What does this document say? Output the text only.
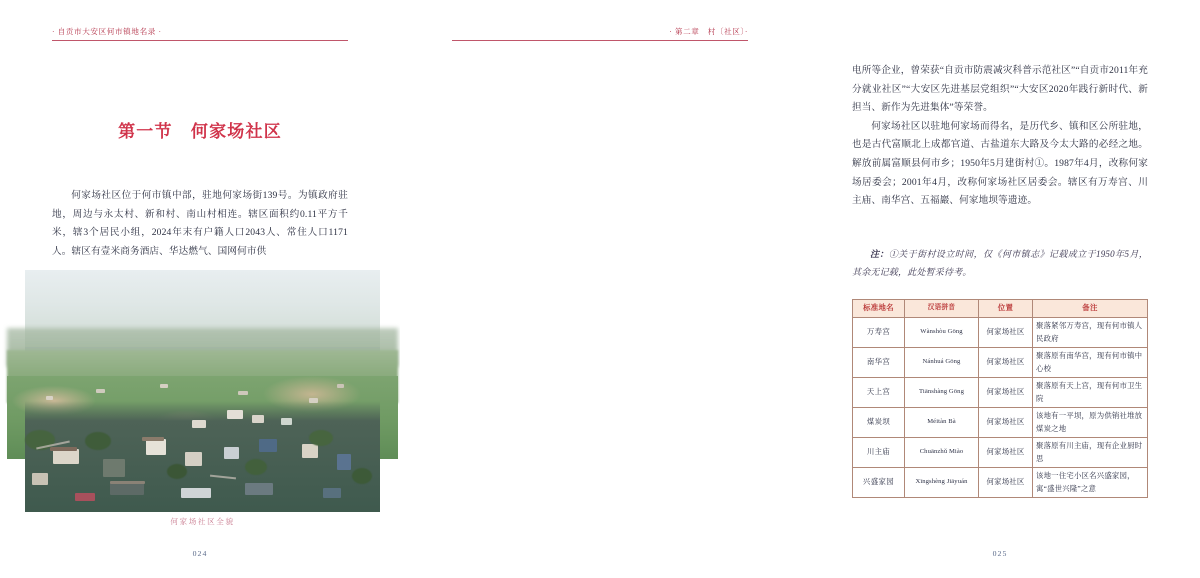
· 自贡市大安区何市镇地名录 ·
第一节　何家场社区

何家场社区位于何市镇中部，驻地何家场街139号。为镇政府驻地，周边与永太村、新和村、南山村相连。辖区面积约0.11平方千米，辖3个居民小组，2024年末有户籍人口2043人、常住人口1171人。辖区有壹米商务酒店、华达燃气、国网何市供

何家场社区全貌
024
· 第二章　村〔社区〕·

电所等企业，曾荣获“自贡市防震减灾科普示范社区”“自贡市2011年充分就业社区”“大安区先进基层党组织”“大安区2020年践行新时代、新担当、新作为先进集体”等荣誉。

何家场社区以驻地何家场而得名，是历代乡、镇和区公所驻地，也是古代富顺北上成都官道、古盐道东大路及今太大路的必经之地。解放前属富顺县何市乡；1950年5月建街村①。1987年4月，改称何家场居委会；2001年4月，改称何家场社区居委会。辖区有万寿宫、川主庙、南华宫、五福巖、何家地坝等遗迹。

注：①关于街村设立时间，仅《何市镇志》记载成立于1950年5月，其余无记载，此处暂采待考。
标准地名	汉语拼音	位置	备注
万寿宫	Wànshòu Gōng	何家场社区	聚落紧邻万寿宫，现有何市镇人民政府
南华宫	Nánhuá Gōng	何家场社区	聚落原有南华宫，现有何市镇中心校
天上宫	Tiānshàng Gōng	何家场社区	聚落原有天上宫，现有何市卫生院
煤炭坝	Méitàn Bà	何家场社区	该地有一平坝，原为供销社堆放煤炭之地
川主庙	Chuānzhǔ Miào	何家场社区	聚落原有川主庙，现有企业厨时思
兴盛家园	Xīngshèng Jiāyuán	何家场社区	该地一住宅小区名兴盛家园，寓“盛世兴隆”之意
025
